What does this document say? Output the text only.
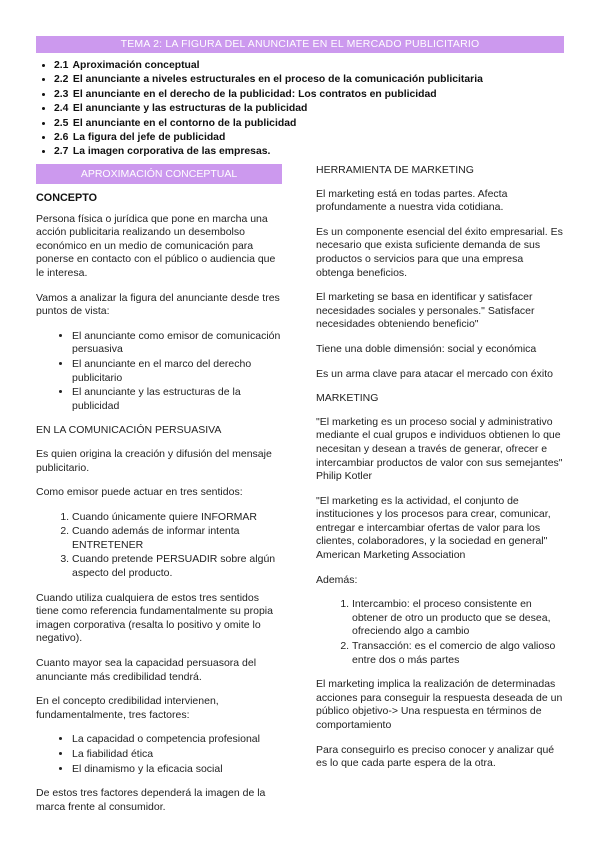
TEMA 2: LA FIGURA DEL ANUNCIATE EN EL MERCADO PUBLICITARIO
• 2.1 Aproximación conceptual
• 2.2 El anunciante a niveles estructurales en el proceso de la comunicación publicitaria
• 2.3 El anunciante en el derecho de la publicidad: Los contratos en publicidad
• 2.4 El anunciante y las estructuras de la publicidad
• 2.5 El anunciante en el contorno de la publicidad
• 2.6 La figura del jefe de publicidad
• 2.7 La imagen corporativa de las empresas.
APROXIMACIÓN CONCEPTUAL
CONCEPTO

Persona física o jurídica que pone en marcha una acción publicitaria realizando un desembolso económico en un medio de comunicación para ponerse en contacto con el público o audiencia que le interesa.

Vamos a analizar la figura del anunciante desde tres puntos de vista:

• El anunciante como emisor de comunicación persuasiva
• El anunciante en el marco del derecho publicitario
• El anunciante y las estructuras de la publicidad

EN LA COMUNICACIÓN PERSUASIVA

Es quien origina la creación y difusión del mensaje publicitario.

Como emisor puede actuar en tres sentidos:

1. Cuando únicamente quiere INFORMAR
2. Cuando además de informar intenta ENTRETENER
3. Cuando pretende PERSUADIR sobre algún aspecto del producto.

Cuando utiliza cualquiera de estos tres sentidos tiene como referencia fundamentalmente su propia imagen corporativa (resalta lo positivo y omite lo negativo).

Cuanto mayor sea la capacidad persuasora del anunciante más credibilidad tendrá.

En el concepto credibilidad intervienen, fundamentalmente, tres factores:

• La capacidad o competencia profesional
• La fiabilidad ética
• El dinamismo y la eficacia social

De estos tres factores dependerá la imagen de la marca frente al consumidor.

HERRAMIENTA DE MARKETING

El marketing está en todas partes. Afecta profundamente a nuestra vida cotidiana.

Es un componente esencial del éxito empresarial. Es necesario que exista suficiente demanda de sus productos o servicios para que una empresa obtenga beneficios.

El marketing se basa en identificar y satisfacer necesidades sociales y personales." Satisfacer necesidades obteniendo beneficio"

Tiene una doble dimensión: social y económica

Es un arma clave para atacar el mercado con éxito

MARKETING

"El marketing es un proceso social y administrativo mediante el cual grupos e individuos obtienen lo que necesitan y desean a través de generar, ofrecer e intercambiar productos de valor con sus semejantes" Philip Kotler

"El marketing es la actividad, el conjunto de instituciones y los procesos para crear, comunicar, entregar e intercambiar ofertas de valor para los clientes, colaboradores, y la sociedad en general" American Marketing Association

Además:

1. Intercambio: el proceso consistente en obtener de otro un producto que se desea, ofreciendo algo a cambio
2. Transacción: es el comercio de algo valioso entre dos o más partes

El marketing implica la realización de determinadas acciones para conseguir la respuesta deseada de un público objetivo-> Una respuesta en términos de comportamiento

Para conseguirlo es preciso conocer y analizar qué es lo que cada parte espera de la otra.
